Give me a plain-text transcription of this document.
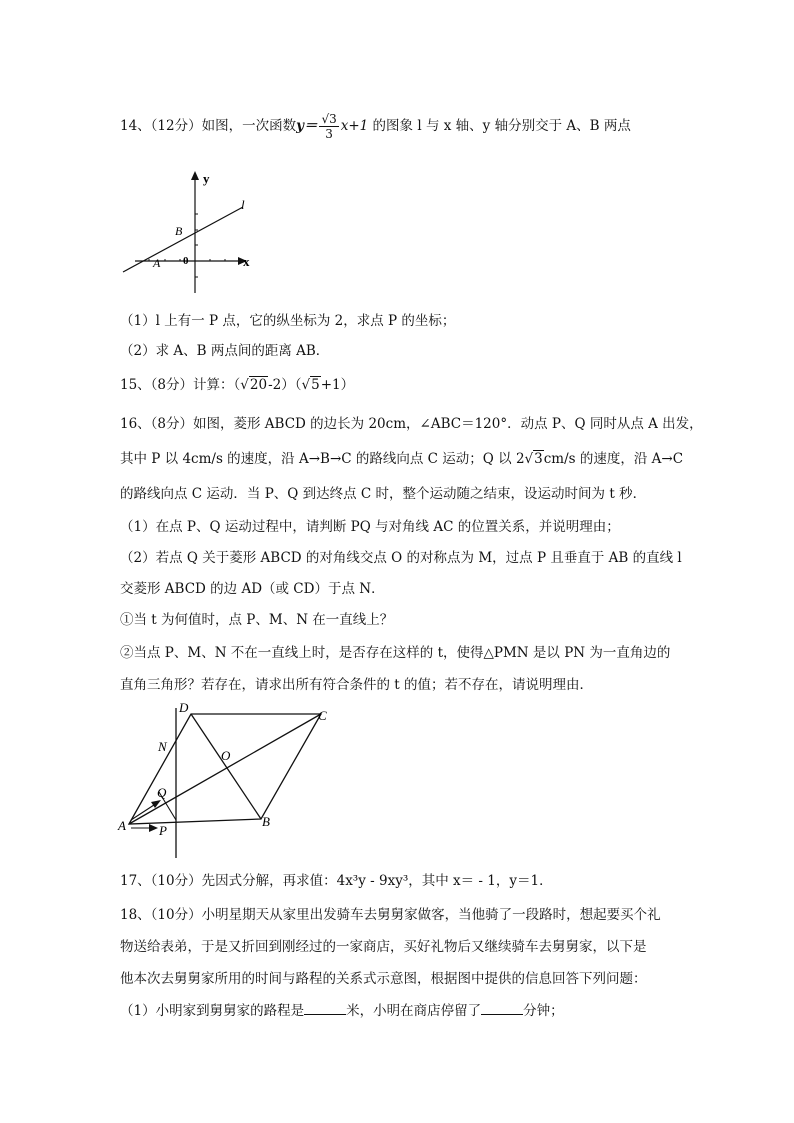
14、（12分）如图，一次函数$y= \frac{√3}{3} x+1$ 的图象 l 与 x 轴、y 轴分别交于 A、B 两点
y
x
l
B
A 0
（1）l 上有一 P 点，它的纵坐标为 2，求点 P 的坐标；
（2）求 A、B 两点间的距离 AB．
15、（8分）计算：（√20-2）（√5+1）
16、（8分）如图，菱形 ABCD 的边长为 20cm，∠ABC＝120°．动点 P、Q 同时从点 A 出发，
其中 P 以 4cm/s 的速度，沿 A→B→C 的路线向点 C 运动；Q 以 2√3cm/s 的速度，沿 A→C
的路线向点 C 运动．当 P、Q 到达终点 C 时，整个运动随之结束，设运动时间为 t 秒．
（1）在点 P、Q 运动过程中，请判断 PQ 与对角线 AC 的位置关系，并说明理由；
（2）若点 Q 关于菱形 ABCD 的对角线交点 O 的对称点为 M，过点 P 且垂直于 AB 的直线 l
交菱形 ABCD 的边 AD（或 CD）于点 N．
①当 t 为何值时，点 P、M、N 在一直线上？
②当点 P、M、N 不在一直线上时，是否存在这样的 t，使得△PMN 是以 PN 为一直角边的
直角三角形？若存在，请求出所有符合条件的 t 的值；若不存在，请说明理由．
D
C
N
O
Q
A	P
B
17、（10分）先因式分解，再求值：4x³y - 9xy³，其中 x＝ - 1，y＝1．
18、（10分）小明星期天从家里出发骑车去舅舅家做客，当他骑了一段路时，想起要买个礼
物送给表弟，于是又折回到刚经过的一家商店，买好礼物后又继续骑车去舅舅家，以下是
他本次去舅舅家所用的时间与路程的关系式示意图，根据图中提供的信息回答下列问题：
（1）小明家到舅舅家的路程是	米，小明在商店停留了	分钟；
